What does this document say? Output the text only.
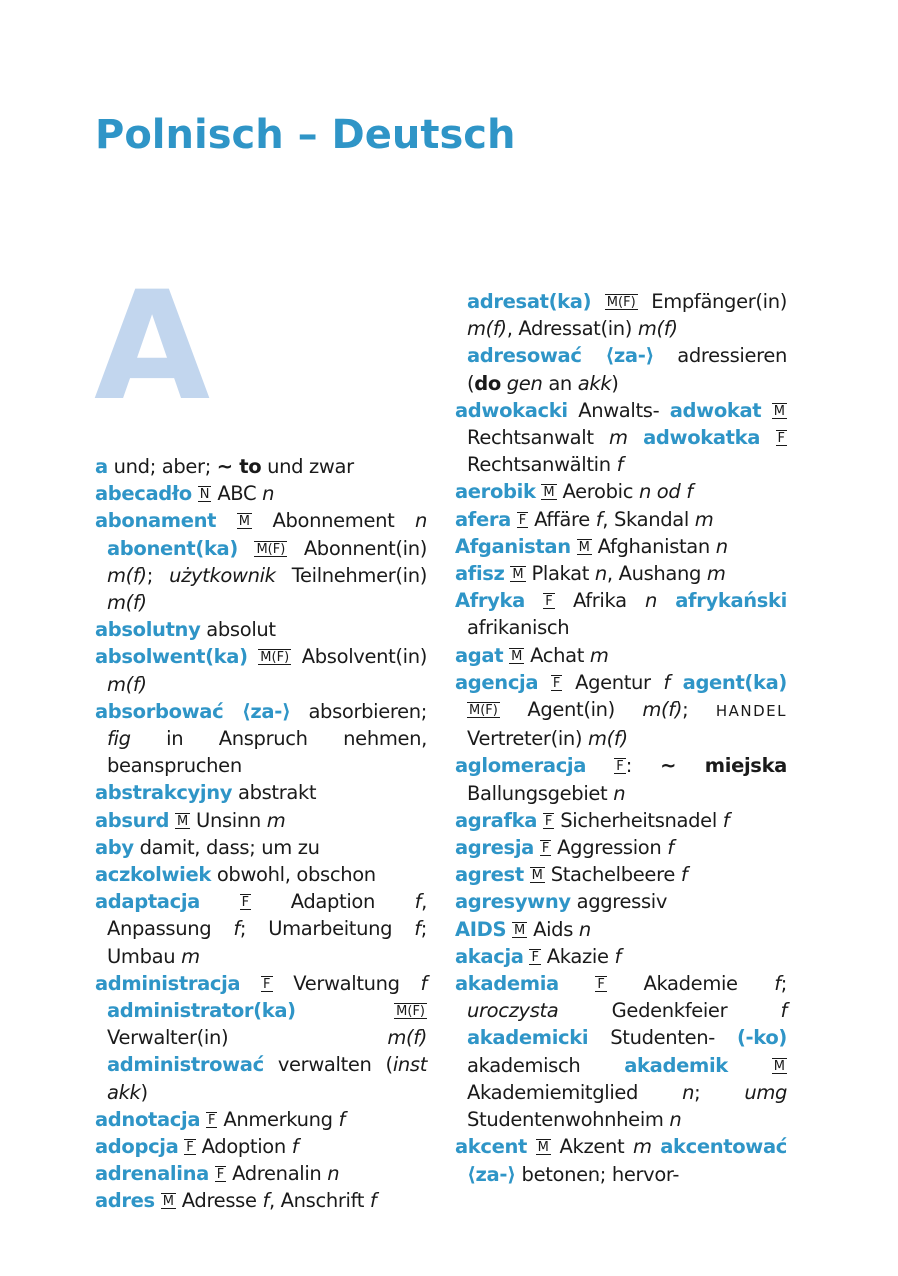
Polnisch – Deutsch
A

a und; aber; ~ to und zwar

abecadło N ABC n

abonament M Abonnement n abonent(ka) M(F) Abonnent(in) m(f); użytkownik Teilnehmer(in) m(f)

absolutny absolut

absolwent(ka) M(F) Absolvent(in) m(f)

absorbować ⟨za-⟩ absorbieren; fig in Anspruch nehmen, beanspruchen

abstrakcyjny abstrakt

absurd M Unsinn m

aby damit, dass; um zu

aczkolwiek obwohl, obschon

adaptacja	F Adaption f, Anpassung f; Umarbeitung f; Umbau m

administracja F Verwaltung f administrator(ka)	M(F) Verwalter(in) m(f) administrować verwalten (inst akk)

adnotacja F Anmerkung f

adopcja F Adoption f

adrenalina F Adrenalin n

adres M Adresse f, Anschrift f

adresat(ka) M(F) Empfänger(in) m(f), Adressat(in) m(f)

adresować ⟨za-⟩ adressieren (do gen an akk)

adwokacki Anwalts- adwokat M Rechtsanwalt m adwokatka F Rechtsanwältin f

aerobik M Aerobic n od f

afera F Affäre f, Skandal m

Afganistan M Afghanistan n

afisz M Plakat n, Aushang m

Afryka F Afrika n afrykański afrikanisch

agat M Achat m

agencja F Agentur f agent(ka) M(F) Agent(in) m(f); HANDEL Vertreter(in) m(f)

aglomeracja F : ~ miejska Ballungsgebiet n

agrafka F Sicherheitsnadel f

agresja F Aggression f

agrest M Stachelbeere f

agresywny aggressiv

AIDS M Aids n

akacja F Akazie f

akademia	F Akademie f; uroczysta Gedenkfeier f akademicki Studenten- (-ko) akademisch akademik	M Akademiemitglied n; umg Studentenwohnheim n

akcent M Akzent m akcentować ⟨za-⟩ betonen; hervor-
